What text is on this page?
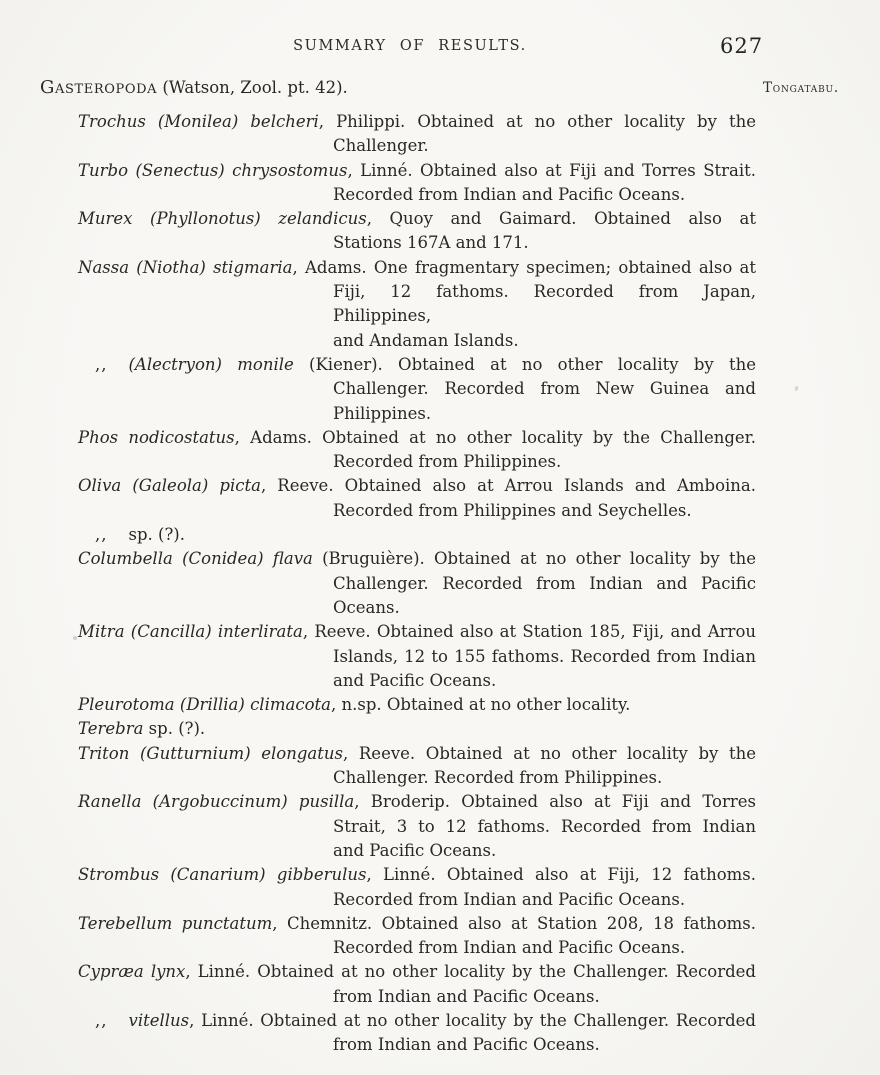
SUMMARY OF RESULTS.	627
Tongatabu.
Gasteropoda (Watson, Zool. pt. 42).
Trochus (Monilea) belcheri, Philippi. Obtained at no other locality by the
Challenger.
Turbo (Senectus) chrysostomus, Linné. Obtained also at Fiji and Torres Strait.
Recorded from Indian and Pacific Oceans.
Murex (Phyllonotus) zelandicus, Quoy and Gaimard. Obtained also at
Stations 167A and 171.
Nassa (Niotha) stigmaria, Adams. One fragmentary specimen; obtained also at
Fiji, 12 fathoms. Recorded from Japan, Philippines,
and Andaman Islands.
,, (Alectryon) monile (Kiener). Obtained at no other locality by the
Challenger. Recorded from New Guinea and
Philippines.
Phos nodicostatus, Adams. Obtained at no other locality by the Challenger.
Recorded from Philippines.
Oliva (Galeola) picta, Reeve. Obtained also at Arrou Islands and Amboina.
Recorded from Philippines and Seychelles.
,, sp. (?).
Columbella (Conidea) flava (Bruguière). Obtained at no other locality by the
Challenger. Recorded from Indian and Pacific
Oceans.
Mitra (Cancilla) interlirata, Reeve. Obtained also at Station 185, Fiji, and Arrou
Islands, 12 to 155 fathoms. Recorded from Indian
and Pacific Oceans.
Pleurotoma (Drillia) climacota, n.sp. Obtained at no other locality.
Terebra sp. (?).
Triton (Gutturnium) elongatus, Reeve. Obtained at no other locality by the
Challenger. Recorded from Philippines.
Ranella (Argobuccinum) pusilla, Broderip. Obtained also at Fiji and Torres
Strait, 3 to 12 fathoms. Recorded from Indian
and Pacific Oceans.
Strombus (Canarium) gibberulus, Linné. Obtained also at Fiji, 12 fathoms.
Recorded from Indian and Pacific Oceans.
Terebellum punctatum, Chemnitz. Obtained also at Station 208, 18 fathoms.
Recorded from Indian and Pacific Oceans.
Cypræa lynx, Linné. Obtained at no other locality by the Challenger. Recorded
from Indian and Pacific Oceans.
,, vitellus, Linné. Obtained at no other locality by the Challenger. Recorded
from Indian and Pacific Oceans.
